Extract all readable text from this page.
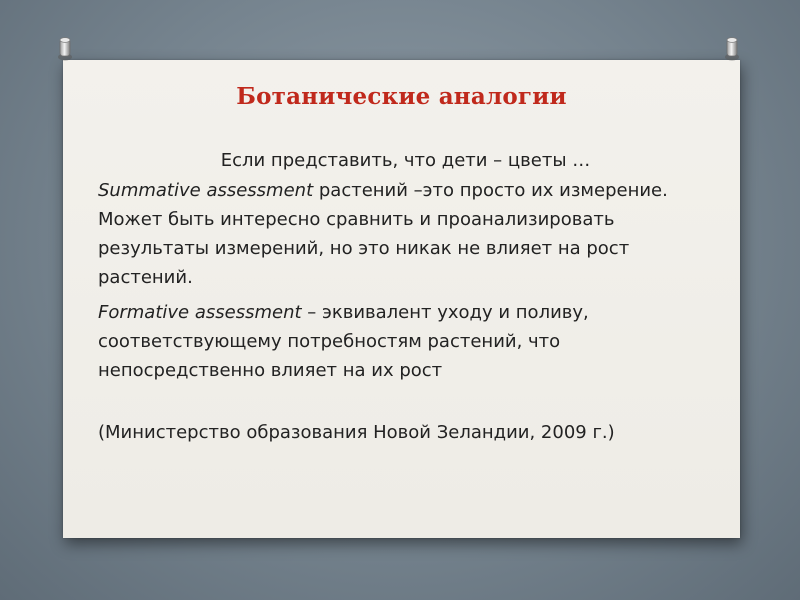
Ботанические аналогии

Если представить, что дети – цветы …

Summative assessment растений –это просто их измерение. Может быть интересно сравнить и проанализировать результаты измерений, но это никак не влияет на рост растений.

Formative assessment – эквивалент уходу и поливу, соответствующему потребностям растений, что непосредственно влияет на их рост

(Министерство образования Новой Зеландии, 2009 г.)
